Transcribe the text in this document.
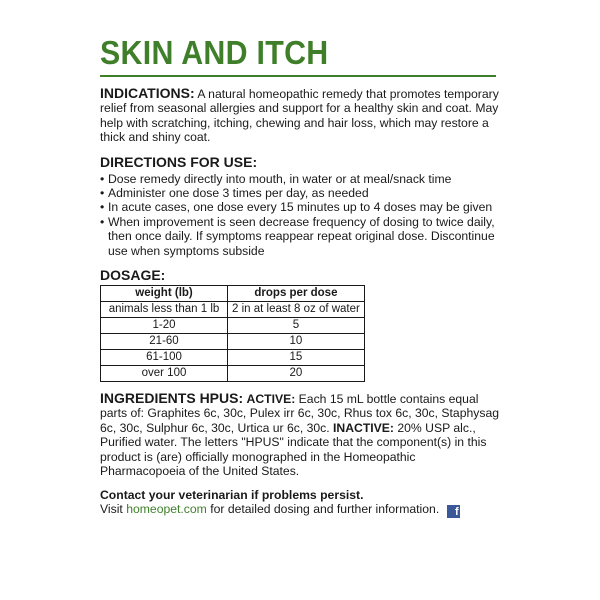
SKIN AND ITCH

INDICATIONS: A natural homeopathic remedy that promotes temporary relief from seasonal allergies and support for a healthy skin and coat. May help with scratching, itching, chewing and hair loss, which may restore a thick and shiny coat.

DIRECTIONS FOR USE:
• Dose remedy directly into mouth, in water or at meal/snack time
• Administer one dose 3 times per day, as needed
• In acute cases, one dose every 15 minutes up to 4 doses may be given
• When improvement is seen decrease frequency of dosing to twice daily, then once daily. If symptoms reappear repeat original dose. Discontinue use when symptoms subside
DOSAGE:
weight (lb)	drops per dose
animals less than 1 lb	2 in at least 8 oz of water
1-20	5
21-60	10
61-100	15
over 100	20

INGREDIENTS HPUS: ACTIVE: Each 15 mL bottle contains equal parts of: Graphites 6c, 30c, Pulex irr 6c, 30c, Rhus tox 6c, 30c, Staphysag 6c, 30c, Sulphur 6c, 30c, Urtica ur 6c, 30c. INACTIVE: 20% USP alc., Purified water. The letters "HPUS" indicate that the component(s) in this product is (are) officially monographed in the Homeopathic Pharmacopoeia of the United States.

Contact your veterinarian if problems persist.

Visit homeopet.com for detailed dosing and further information. f
